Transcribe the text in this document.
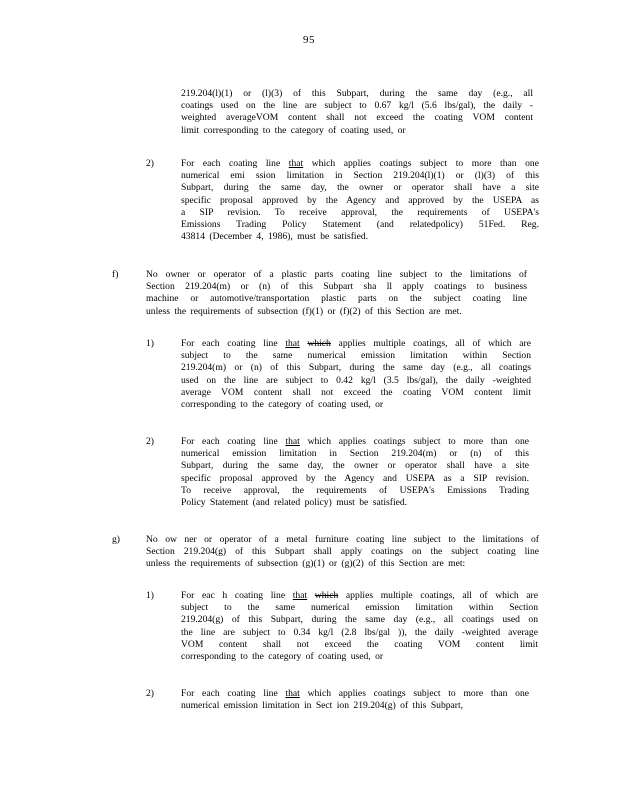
95
219.204(l)(1) or (l)(3) of this Subpart, during the same day (e.g., all
coatings used on the line are subject to 0.67 kg/l (5.6 lbs/gal), the daily -
weighted averageVOM content shall not exceed the coating VOM content
limit corresponding to the category of coating used, or
2)	For each coating line that which applies coatings subject to more than one
numerical emi ssion limitation in Section 219.204(l)(1) or (l)(3) of this
Subpart, during the same day, the owner or operator shall have a site
specific proposal approved by the Agency and approved by the USEPA as
a SIP revision. To receive approval, the requirements of USEPA's
Emissions Trading Policy Statement (and relatedpolicy) 51Fed. Reg.
43814 (December 4, 1986), must be satisfied.
f)	No owner or operator of a plastic parts coating line subject to the limitations of
Section 219.204(m) or (n) of this Subpart sha ll apply coatings to business
machine or automotive/transportation plastic parts on the subject coating line
unless the requirements of subsection (f)(1) or (f)(2) of this Section are met.
1)	For each coating line that which applies multiple coatings, all of which are
subject to the same numerical emission limitation within Section
219.204(m) or (n) of this Subpart, during the same day (e.g., all coatings
used on the line are subject to 0.42 kg/l (3.5 lbs/gal), the daily -weighted
average VOM content shall not exceed the coating VOM content limit
corresponding to the category of coating used, or
2)	For each coating line that which applies coatings subject to more than one
numerical emission limitation in Section 219.204(m) or (n) of this
Subpart, during the same day, the owner or operator shall have a site
specific proposal approved by the Agency and USEPA as a SIP revision.
To receive approval, the requirements of USEPA's Emissions Trading
Policy Statement (and related policy) must be satisfied.
g)	No ow ner or operator of a metal furniture coating line subject to the limitations of
Section 219.204(g) of this Subpart shall apply coatings on the subject coating line
unless the requirements of subsection (g)(1) or (g)(2) of this Section are met:
1)	For eac h coating line that which applies multiple coatings, all of which are
subject to the same numerical emission limitation within Section
219.204(g) of this Subpart, during the same day (e.g., all coatings used on
the line are subject to 0.34 kg/l (2.8 lbs/gal )), the daily -weighted average
VOM content shall not exceed the coating VOM content limit
corresponding to the category of coating used, or
2)	For each coating line that which applies coatings subject to more than one
numerical emission limitation in Sect ion 219.204(g) of this Subpart,
